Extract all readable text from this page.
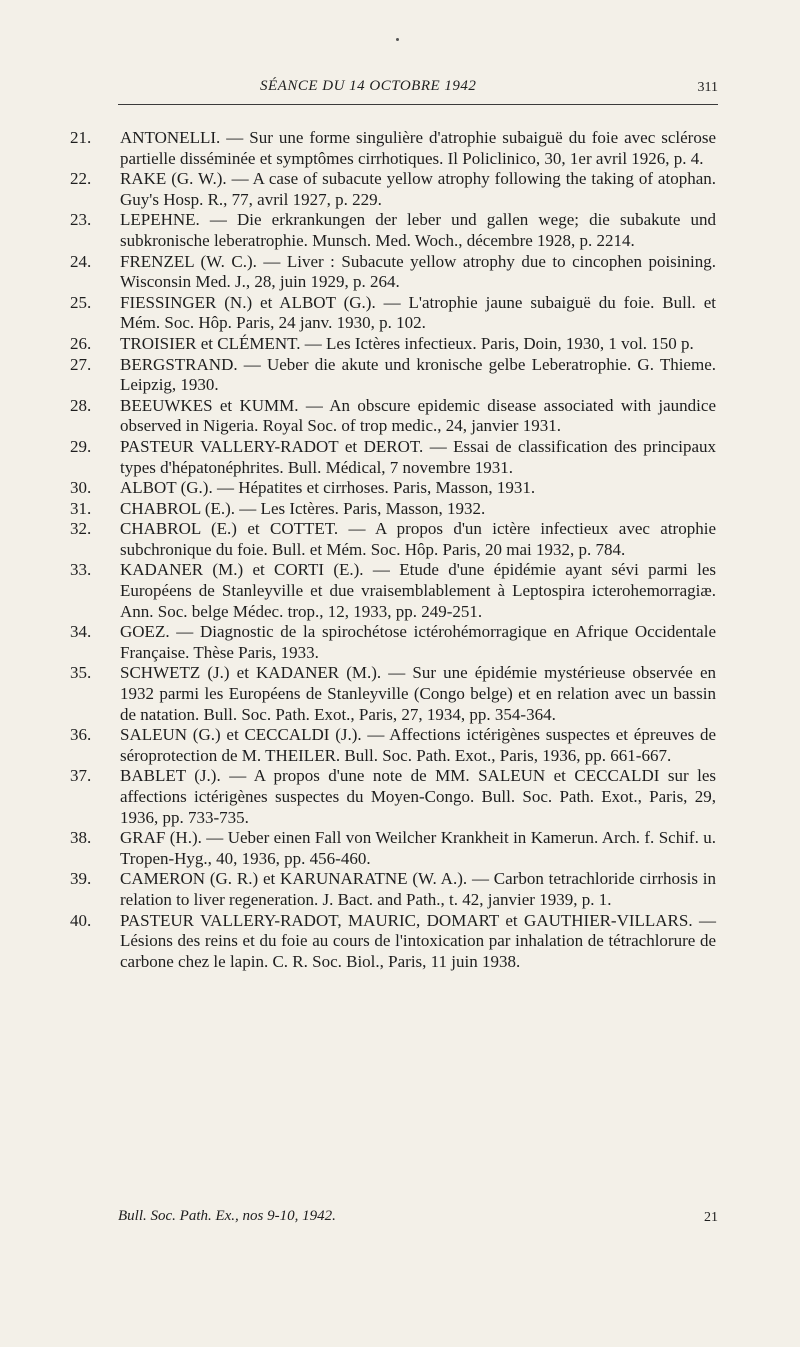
SÉANCE DU 14 OCTOBRE 1942	311
21. ANTONELLI. — Sur une forme singulière d'atrophie subaiguë du foie avec sclérose partielle disséminée et symptômes cirrhotiques. Il Policlinico, 30, 1er avril 1926, p. 4.
22. RAKE (G. W.). — A case of subacute yellow atrophy following the taking of atophan. Guy's Hosp. R., 77, avril 1927, p. 229.
23. LEPEHNE. — Die erkrankungen der leber und gallen wege; die subakute und subkronische leberatrophie. Munsch. Med. Woch., décembre 1928, p. 2214.
24. FRENZEL (W. C.). — Liver : Subacute yellow atrophy due to cincophen poisining. Wisconsin Med. J., 28, juin 1929, p. 264.
25. FIESSINGER (N.) et ALBOT (G.). — L'atrophie jaune subaiguë du foie. Bull. et Mém. Soc. Hôp. Paris, 24 janv. 1930, p. 102.
26. TROISIER et CLÉMENT. — Les Ictères infectieux. Paris, Doin, 1930, 1 vol. 150 p.
27. BERGSTRAND. — Ueber die akute und kronische gelbe Leberatrophie. G. Thieme. Leipzig, 1930.
28. BEEUWKES et KUMM. — An obscure epidemic disease associated with jaundice observed in Nigeria. Royal Soc. of trop medic., 24, janvier 1931.
29. PASTEUR VALLERY-RADOT et DEROT. — Essai de classification des principaux types d'hépatonéphrites. Bull. Médical, 7 novembre 1931.
30. ALBOT (G.). — Hépatites et cirrhoses. Paris, Masson, 1931.
31. CHABROL (E.). — Les Ictères. Paris, Masson, 1932.
32. CHABROL (E.) et COTTET. — A propos d'un ictère infectieux avec atrophie subchronique du foie. Bull. et Mém. Soc. Hôp. Paris, 20 mai 1932, p. 784.
33. KADANER (M.) et CORTI (E.). — Etude d'une épidémie ayant sévi parmi les Européens de Stanleyville et due vraisemblablement à Leptospira icterohemorragiæ. Ann. Soc. belge Médec. trop., 12, 1933, pp. 249-251.
34. GOEZ. — Diagnostic de la spirochétose ictérohémorragique en Afrique Occidentale Française. Thèse Paris, 1933.
35. SCHWETZ (J.) et KADANER (M.). — Sur une épidémie mystérieuse observée en 1932 parmi les Européens de Stanleyville (Congo belge) et en relation avec un bassin de natation. Bull. Soc. Path. Exot., Paris, 27, 1934, pp. 354-364.
36. SALEUN (G.) et CECCALDI (J.). — Affections ictérigènes suspectes et épreuves de séroprotection de M. THEILER. Bull. Soc. Path. Exot., Paris, 1936, pp. 661-667.
37. BABLET (J.). — A propos d'une note de MM. SALEUN et CECCALDI sur les affections ictérigènes suspectes du Moyen-Congo. Bull. Soc. Path. Exot., Paris, 29, 1936, pp. 733-735.
38. GRAF (H.). — Ueber einen Fall von Weilcher Krankheit in Kamerun. Arch. f. Schif. u. Tropen-Hyg., 40, 1936, pp. 456-460.
39. CAMERON (G. R.) et KARUNARATNE (W. A.). — Carbon tetrachloride cirrhosis in relation to liver regeneration. J. Bact. and Path., t. 42, janvier 1939, p. 1.
40. PASTEUR VALLERY-RADOT, MAURIC, DOMART et GAUTHIER-VILLARS. — Lésions des reins et du foie au cours de l'intoxication par inhalation de tétrachlorure de carbone chez le lapin. C. R. Soc. Biol., Paris, 11 juin 1938.
Bull. Soc. Path. Ex., nos 9-10, 1942.	21
